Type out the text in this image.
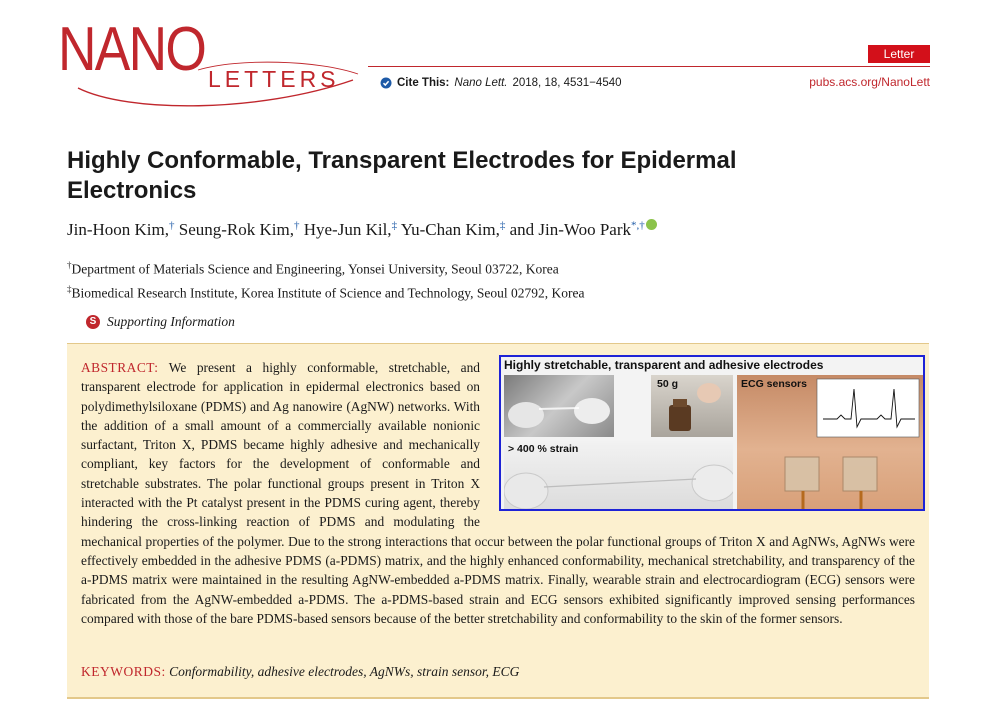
NANO LETTERS
Letter
Cite This: Nano Lett. 2018, 18, 4531−4540	pubs.acs.org/NanoLett
Highly Conformable, Transparent Electrodes for Epidermal Electronics
Jin-Hoon Kim,† Seung-Rok Kim,† Hye-Jun Kil,‡ Yu-Chan Kim,‡ and Jin-Woo Park*,†
†Department of Materials Science and Engineering, Yonsei University, Seoul 03722, Korea
‡Biomedical Research Institute, Korea Institute of Science and Technology, Seoul 02792, Korea
S Supporting Information

ABSTRACT: We present a highly conformable, stretchable, and transparent electrode for application in epidermal electronics based on polydimethylsiloxane (PDMS) and Ag nanowire (AgNW) networks. With the addition of a small amount of a commercially available nonionic surfactant, Triton X, PDMS became highly adhesive and mechanically compliant, key factors for the development of conformable and stretchable substrates. The polar functional groups present in Triton X interacted with the Pt catalyst present in the PDMS curing agent, thereby hindering the cross-linking reaction of PDMS and modulating the mechanical properties of the polymer. Due to the strong interactions that occur between the polar functional groups of Triton X and AgNWs, AgNWs were effectively embedded in the adhesive PDMS (a-PDMS) matrix, and the highly enhanced conformability, mechanical stretchability, and transparency of the a-PDMS matrix were maintained in the resulting AgNW-embedded a-PDMS matrix. Finally, wearable strain and electrocardiogram (ECG) sensors were fabricated from the AgNW-embedded a-PDMS. The a-PDMS-based strain and ECG sensors exhibited significantly improved sensing performances compared with those of the bare PDMS-based sensors because of the better stretchability and conformability to the skin of the former sensors.

Highly stretchable, transparent and adhesive electrodes
50 g
> 400 % strain
ECG sensors
KEYWORDS: Conformability, adhesive electrodes, AgNWs, strain sensor, ECG
